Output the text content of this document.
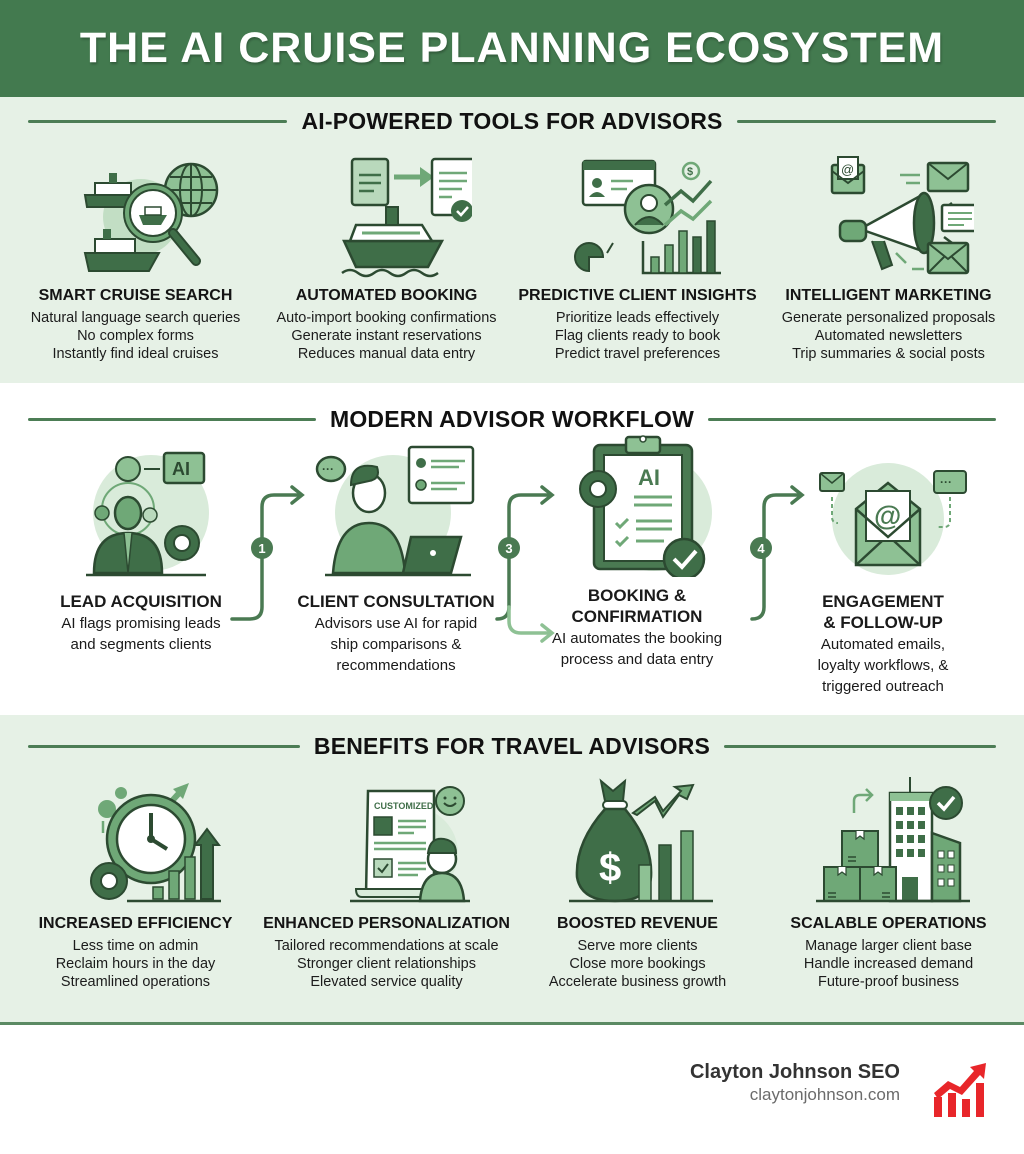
THE AI CRUISE PLANNING ECOSYSTEM
AI-POWERED TOOLS FOR ADVISORS
SMART CRUISE SEARCH

Natural language search queries

No complex forms

Instantly find ideal cruises

AUTOMATED BOOKING

Auto-import booking confirmations

Generate instant reservations

Reduces manual data entry

$
PREDICTIVE CLIENT INSIGHTS

Prioritize leads effectively

Flag clients ready to book

Predict travel preferences

@
INTELLIGENT MARKETING

Generate personalized proposals

Automated newsletters

Trip summaries & social posts

MODERN ADVISOR WORKFLOW
1	3	4
AI
LEAD ACQUISITION

AI flags promising leads

and segments clients

···
CLIENT CONSULTATION

Advisors use AI for rapid

ship comparisons &

recommendations

AI
BOOKING &
CONFIRMATION

AI automates the booking

process and data entry

···
@
ENGAGEMENT
& FOLLOW-UP

Automated emails,

loyalty workflows, &

triggered outreach

BENEFITS FOR TRAVEL ADVISORS
INCREASED EFFICIENCY

Less time on admin

Reclaim hours in the day

Streamlined operations

CUSTOMIZED
ENHANCED PERSONALIZATION

Tailored recommendations at scale

Stronger client relationships

Elevated service quality

$
BOOSTED REVENUE

Serve more clients

Close more bookings

Accelerate business growth

SCALABLE OPERATIONS

Manage larger client base

Handle increased demand

Future-proof business

Clayton Johnson SEO
claytonjohnson.com
